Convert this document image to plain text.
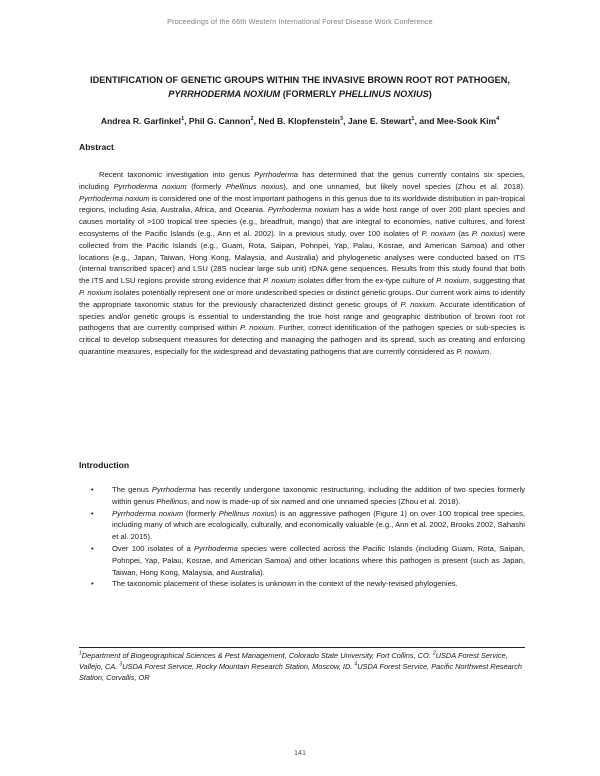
Proceedings of the 66th Western International Forest Disease Work Conference
IDENTIFICATION OF GENETIC GROUPS WITHIN THE INVASIVE BROWN ROOT ROT PATHOGEN,
PYRRHODERMA NOXIUM (FORMERLY PHELLINUS NOXIUS)
Andrea R. Garfinkel$^1$, Phil G. Cannon$^2$, Ned B. Klopfenstein$^3$, Jane E. Stewart$^1$, and Mee-Sook Kim$^4$
Abstract

Recent taxonomic investigation into genus Pyrrhoderma has determined that the genus currently contains six species, including Pyrrhoderma noxium (formerly Phellinus noxius), and one unnamed, but likely novel species (Zhou et al. 2018). Pyrrhoderma noxium is considered one of the most important pathogens in this genus due to its worldwide distribution in pan-tropical regions, including Asia, Australia, Africa, and Oceania. Pyrrhoderma noxium has a wide host range of over 200 plant species and causes mortality of >100 tropical tree species (e.g., breadfruit, mango) that are integral to economies, native cultures, and forest ecosystems of the Pacific Islands (e.g., Ann et al. 2002). In a previous study, over 100 isolates of P. noxium (as P. noxius) were collected from the Pacific Islands (e.g., Guam, Rota, Saipan, Pohnpei, Yap, Palau, Kosrae, and American Samoa) and other locations (e.g., Japan, Taiwan, Hong Kong, Malaysia, and Australia) and phylogenetic analyses were conducted based on ITS (internal transcribed spacer) and LSU (28S nuclear large sub unit) rDNA gene sequences. Results from this study found that both the ITS and LSU regions provide strong evidence that P. noxium isolates differ from the ex-type culture of P. noxium, suggesting that P. noxium isolates potentially represent one or more undescribed species or distinct genetic groups. Our current work aims to identify the appropriate taxonomic status for the previously characterized distinct genetic groups of P. noxium. Accurate identification of species and/or genetic groups is essential to understanding the true host range and geographic distribution of brown root rot pathogens that are currently comprised within P. noxium. Further, correct identification of the pathogen species or sub-species is critical to develop subsequent measures for detecting and managing the pathogen and its spread, such as creating and enforcing quarantine measures, especially for the widespread and devastating pathogens that are currently considered as P. noxium.

Introduction
• The genus Pyrrhoderma has recently undergone taxonomic restructuring, including the addition of two species formerly within genus Phellinus, and now is made-up of six named and one unnamed species (Zhou et al. 2018).
• Pyrrhoderma noxium (formerly Phellinus noxius) is an aggressive pathogen (Figure 1) on over 100 tropical tree species, including many of which are ecologically, culturally, and economically valuable (e.g., Ann et al. 2002, Brooks 2002, Sahashi et al. 2015).
• Over 100 isolates of a Pyrrhoderma species were collected across the Pacific Islands (including Guam, Rota, Saipan, Pohnpei, Yap, Palau, Kosrae, and American Samoa) and other locations where this pathogen is present (such as Japan, Taiwan, Hong Kong, Malaysia, and Australia).
• The taxonomic placement of these isolates is unknown in the context of the newly-revised phylogenies.

$^1$Department of Biogeographical Sciences & Pest Management, Colorado State University, Fort Collins, CO. $^2$USDA Forest Service, Vallejo, CA. $^3$USDA Forest Service, Rocky Mountain Research Station, Moscow, ID. $^4$USDA Forest Service, Pacific Northwest Research Station, Corvallis, OR

141
